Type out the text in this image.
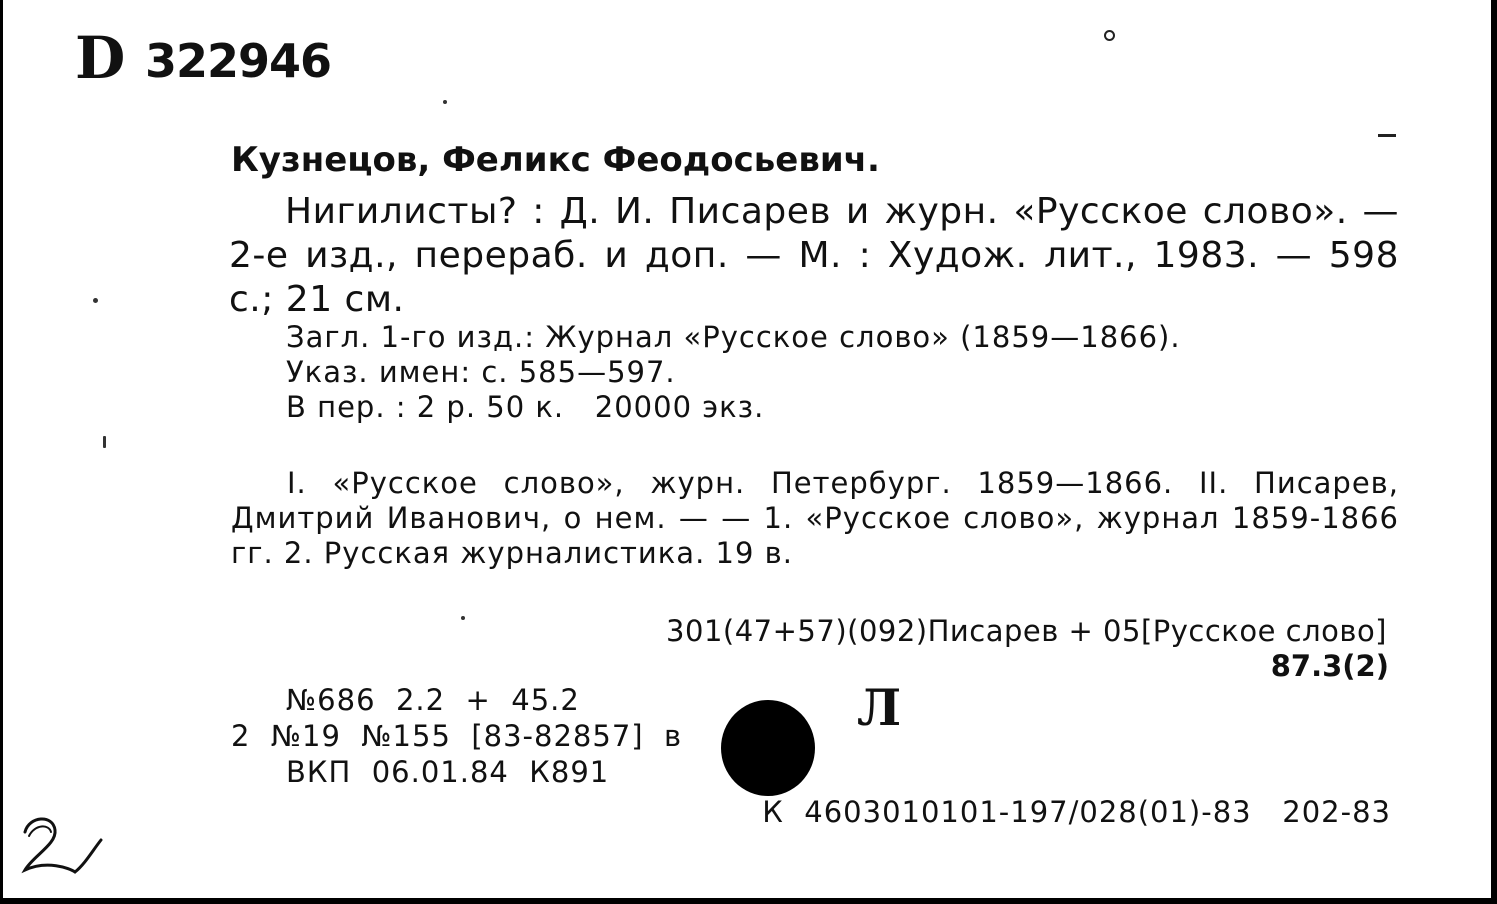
D 322946
Кузнецов, Феликс Феодосьевич.
Нигилисты? : Д. И. Писарев и журн. «Русское слово». — 2-е изд., перераб. и доп. — М. : Худож. лит., 1983. — 598 с.; 21 см.
Загл. 1-го изд.: Журнал «Русское слово» (1859—1866).
Указ. имен: с. 585—597.
В пер. : 2 р. 50 к.   20000 экз.
I. «Русское слово», журн. Петербург. 1859—1866. II. Писарев, Дмитрий Иванович, о нем. — — 1. «Русское слово», журнал 1859-1866 гг. 2. Русская журналистика. 19 в.
301(47+57)(092)Писарев + 05[Русское слово]
87.3(2)
№686  2.2  +  45.2
2  №19  №155  [83-82857]  в
ВКП  06.01.84  К891
Л
К  4603010101-197/028(01)-83   202-83
